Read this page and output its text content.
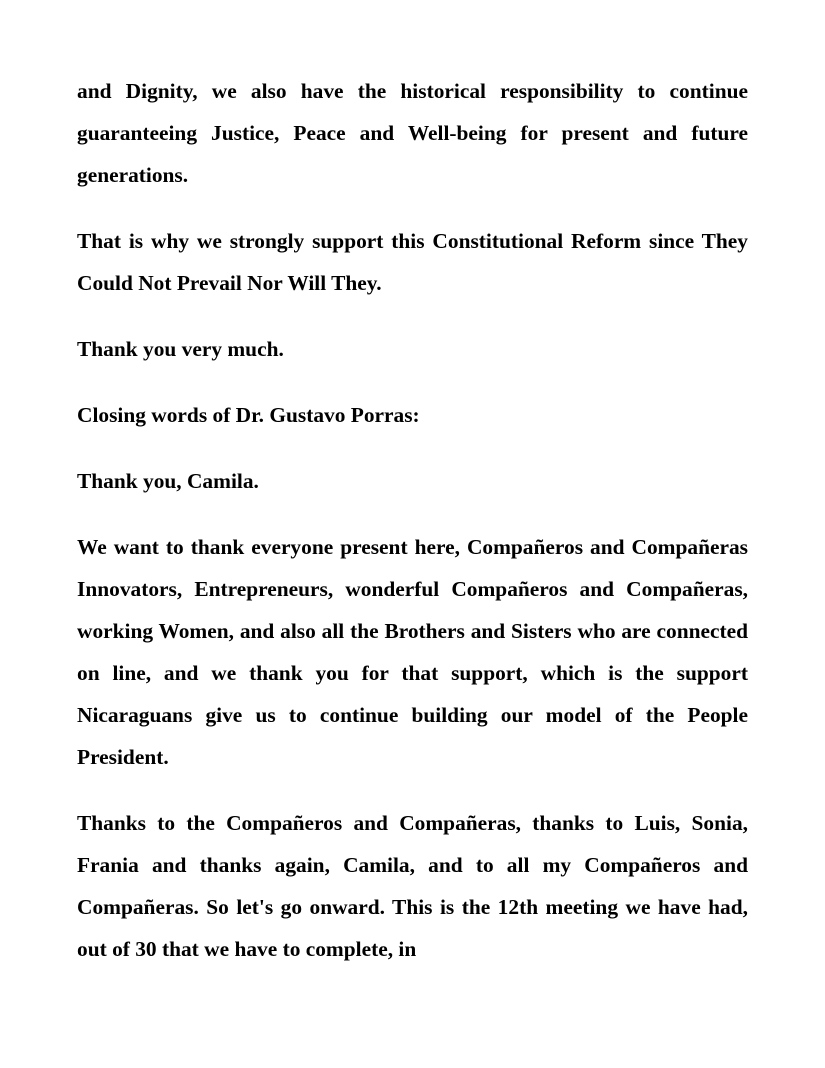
and Dignity, we also have the historical responsibility to continue guaranteeing Justice, Peace and Well-being for present and future generations.

That is why we strongly support this Constitutional Reform since They Could Not Prevail Nor Will They.

Thank you very much.

Closing words of Dr. Gustavo Porras:

Thank you, Camila.

We want to thank everyone present here, Compañeros and Compañeras Innovators, Entrepreneurs, wonderful Compañeros and Compañeras, working Women, and also all the Brothers and Sisters who are connected on line, and we thank you for that support, which is the support Nicaraguans give us to continue building our model of the People President.

Thanks to the Compañeros and Compañeras, thanks to Luis, Sonia, Frania and thanks again, Camila, and to all my Compañeros and Compañeras. So let's go onward. This is the 12th meeting we have had, out of 30 that we have to complete, in
